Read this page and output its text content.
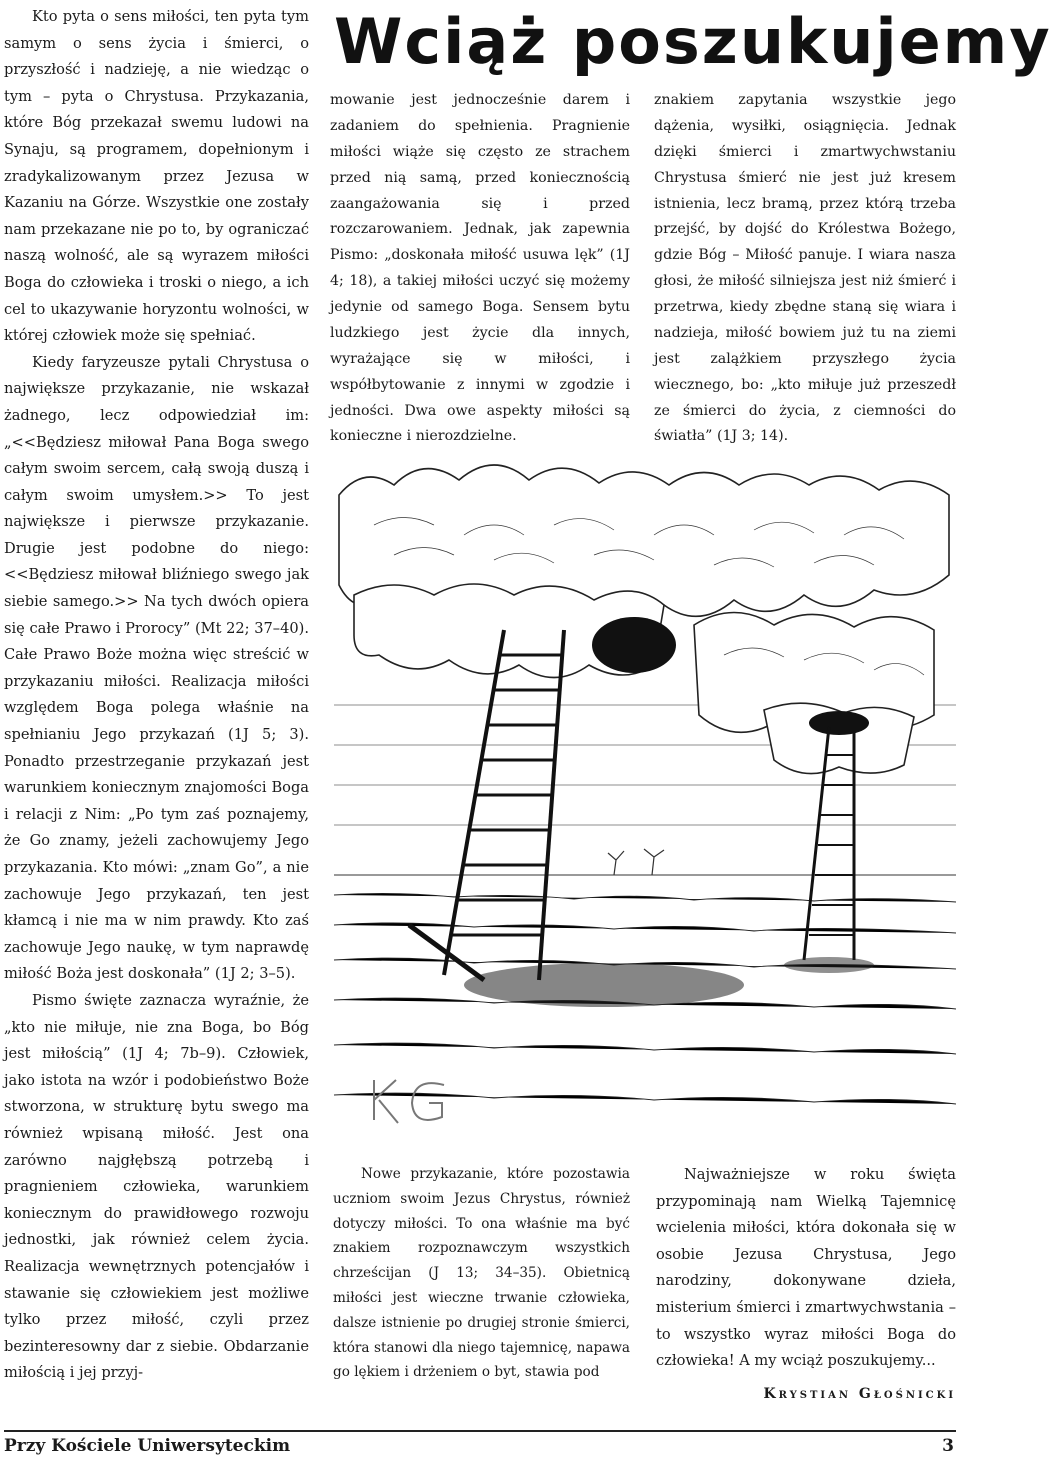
Wciąż poszukujemy

Kto pyta o sens miłości, ten pyta tym samym o sens życia i śmierci, o przyszłość i nadzieję, a nie wiedząc o tym – pyta o Chrystusa. Przykazania, które Bóg przekazał swemu ludowi na Synaju, są programem, dopełnionym i zradykalizowanym przez Jezusa w Kazaniu na Górze. Wszystkie one zostały nam przekazane nie po to, by ograniczać naszą wolność, ale są wyrazem miłości Boga do człowieka i troski o niego, a ich cel to ukazywanie horyzontu wolności, w której człowiek może się spełniać.

Kiedy faryzeusze pytali Chrystusa o największe przykazanie, nie wskazał żadnego, lecz odpowiedział im: „<<Będziesz miłował Pana Boga swego całym swoim sercem, całą swoją duszą i całym swoim umysłem.>> To jest największe i pierwsze przykazanie. Drugie jest podobne do niego: <<Będziesz miłował bliźniego swego jak siebie samego.>> Na tych dwóch opiera się całe Prawo i Prorocy” (Mt 22; 37–40). Całe Prawo Boże można więc streścić w przykazaniu miłości. Realizacja miłości względem Boga polega właśnie na spełnianiu Jego przykazań (1J 5; 3). Ponadto przestrzeganie przykazań jest warunkiem koniecznym znajomości Boga i relacji z Nim: „Po tym zaś poznajemy, że Go znamy, jeżeli zachowujemy Jego przykazania. Kto mówi: „znam Go”, a nie zachowuje Jego przykazań, ten jest kłamcą i nie ma w nim prawdy. Kto zaś zachowuje Jego naukę, w tym naprawdę miłość Boża jest doskonała” (1J 2; 3–5).

Pismo święte zaznacza wyraźnie, że „kto nie miłuje, nie zna Boga, bo Bóg jest miłością” (1J 4; 7b–9). Człowiek, jako istota na wzór i podobieństwo Boże stworzona, w strukturę bytu swego ma również wpisaną miłość. Jest ona zarówno najgłębszą potrzebą i pragnieniem człowieka, warunkiem koniecznym do prawidłowego rozwoju jednostki, jak również celem życia. Realizacja wewnętrznych potencjałów i stawanie się człowiekiem jest możliwe tylko przez miłość, czyli przez bezinteresowny dar z siebie. Obdarzanie miłością i jej przyj-

mowanie jest jednocześnie darem i zadaniem do spełnienia. Pragnienie miłości wiąże się często ze strachem przed nią samą, przed koniecznością zaangażowania się i przed rozczarowaniem. Jednak, jak zapewnia Pismo: „doskonała miłość usuwa lęk” (1J 4; 18), a takiej miłości uczyć się możemy jedynie od samego Boga. Sensem bytu ludzkiego jest życie dla innych, wyrażające się w miłości, i współbytowanie z innymi w zgodzie i jedności. Dwa owe aspekty miłości są konieczne i nierozdzielne.

znakiem zapytania wszystkie jego dążenia, wysiłki, osiągnięcia. Jednak dzięki śmierci i zmartwychwstaniu Chrystusa śmierć nie jest już kresem istnienia, lecz bramą, przez którą trzeba przejść, by dojść do Królestwa Bożego, gdzie Bóg – Miłość panuje. I wiara nasza głosi, że miłość silniejsza jest niż śmierć i przetrwa, kiedy zbędne staną się wiara i nadzieja, miłość bowiem już tu na ziemi jest zalążkiem przyszłego życia wiecznego, bo: „kto miłuje już przeszedł ze śmierci do życia, z ciemności do światła” (1J 3; 14).

Nowe przykazanie, które pozostawia uczniom swoim Jezus Chrystus, również dotyczy miłości. To ona właśnie ma być znakiem rozpoznawczym wszystkich chrześcijan (J 13; 34–35). Obietnicą miłości jest wieczne trwanie człowieka, dalsze istnienie po drugiej stronie śmierci, która stanowi dla niego tajemnicę, napawa go lękiem i drżeniem o byt, stawia pod

Najważniejsze w roku święta przypominają nam Wielką Tajemnicę wcielenia miłości, która dokonała się w osobie Jezusa Chrystusa, Jego narodziny, dokonywane dzieła, misterium śmierci i zmartwychwstania – to wszystko wyraz miłości Boga do człowieka! A my wciąż poszukujemy...

Krystian Głośnicki
Przy Kościele Uniwersyteckim	3
